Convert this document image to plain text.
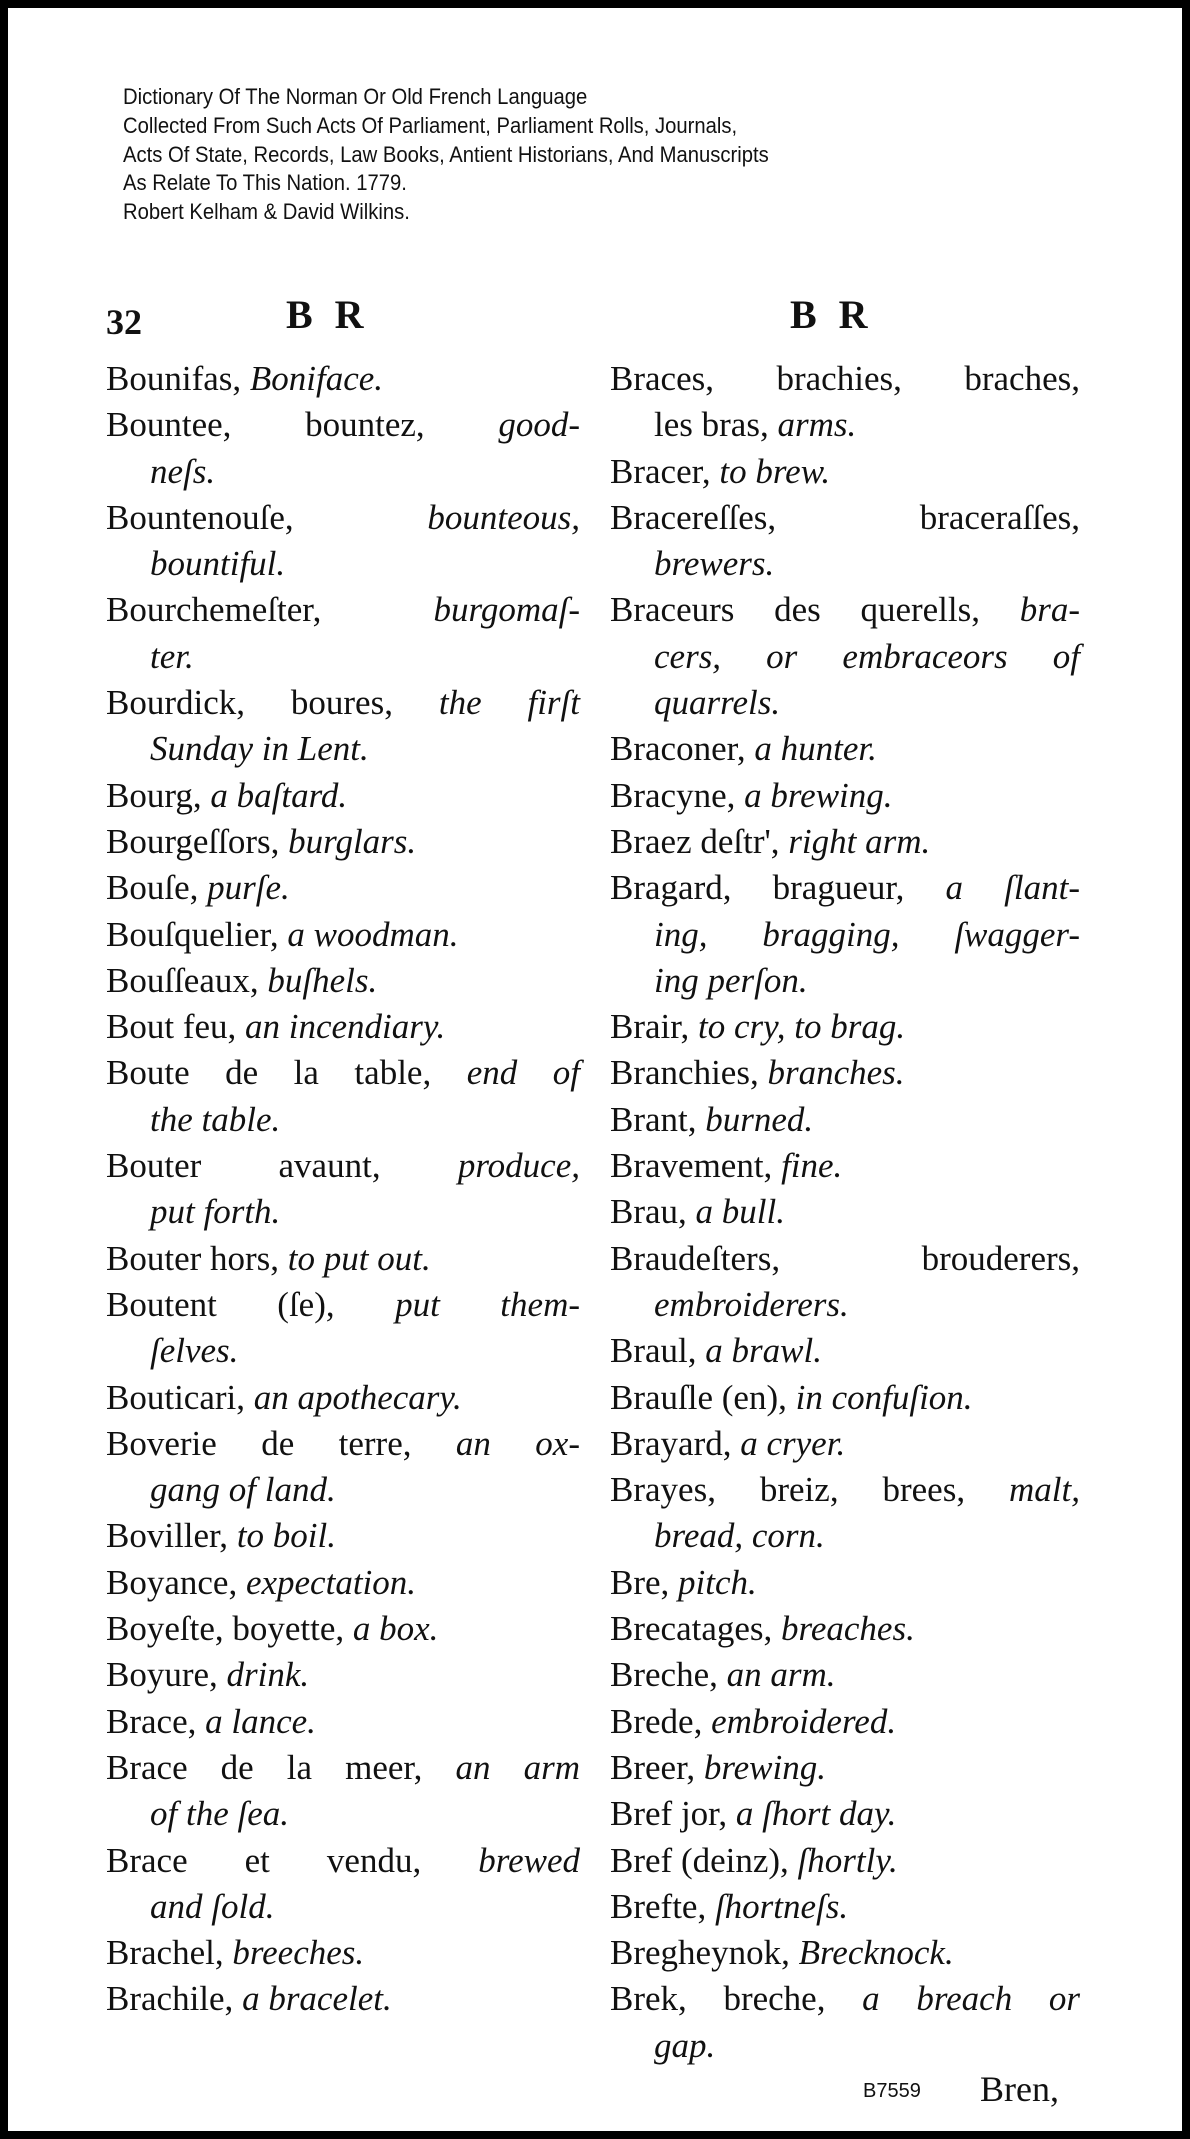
Dictionary Of The Norman Or Old French Language
Collected From Such Acts Of Parliament, Parliament Rolls, Journals,
Acts Of State, Records, Law Books, Antient Historians, And Manuscripts
As Relate To This Nation. 1779.
Robert Kelham & David Wilkins.
32	B R	B R
Bounifas, Boniface.
Bountee, bountez, good-
neſs.
Bountenouſe, bounteous,
bountiful.
Bourchemeſter, burgomaſ-
ter.
Bourdick, boures, the firſt
Sunday in Lent.
Bourg, a baſtard.
Bourgeſſors, burglars.
Bouſe, purſe.
Bouſquelier, a woodman.
Bouſſeaux, buſhels.
Bout feu, an incendiary.
Boute de la table, end of
the table.
Bouter avaunt, produce,
put forth.
Bouter hors, to put out.
Boutent (ſe), put them-
ſelves.
Bouticari, an apothecary.
Boverie de terre, an ox-
gang of land.
Boviller, to boil.
Boyance, expectation.
Boyeſte, boyette, a box.
Boyure, drink.
Brace, a lance.
Brace de la meer, an arm
of the ſea.
Brace et vendu, brewed
and ſold.
Brachel, breeches.
Brachile, a bracelet.
Braces, brachies, braches,
les bras, arms.
Bracer, to brew.
Bracereſſes, braceraſſes,
brewers.
Braceurs des querells, bra-
cers, or embraceors of
quarrels.
Braconer, a hunter.
Bracyne, a brewing.
Braez deſtr', right arm.
Bragard, bragueur, a ſlant-
ing, bragging, ſwagger-
ing perſon.
Brair, to cry, to brag.
Branchies, branches.
Brant, burned.
Bravement, fine.
Brau, a bull.
Braudeſters, brouderers,
embroiderers.
Braul, a brawl.
Brauſle (en), in confuſion.
Brayard, a cryer.
Brayes, breiz, brees, malt,
bread, corn.
Bre, pitch.
Brecatages, breaches.
Breche, an arm.
Brede, embroidered.
Breer, brewing.
Bref jor, a ſhort day.
Bref (deinz), ſhortly.
Brefte, ſhortneſs.
Bregheynok, Brecknock.
Brek, breche, a breach or
gap.
B7559 Bren,
